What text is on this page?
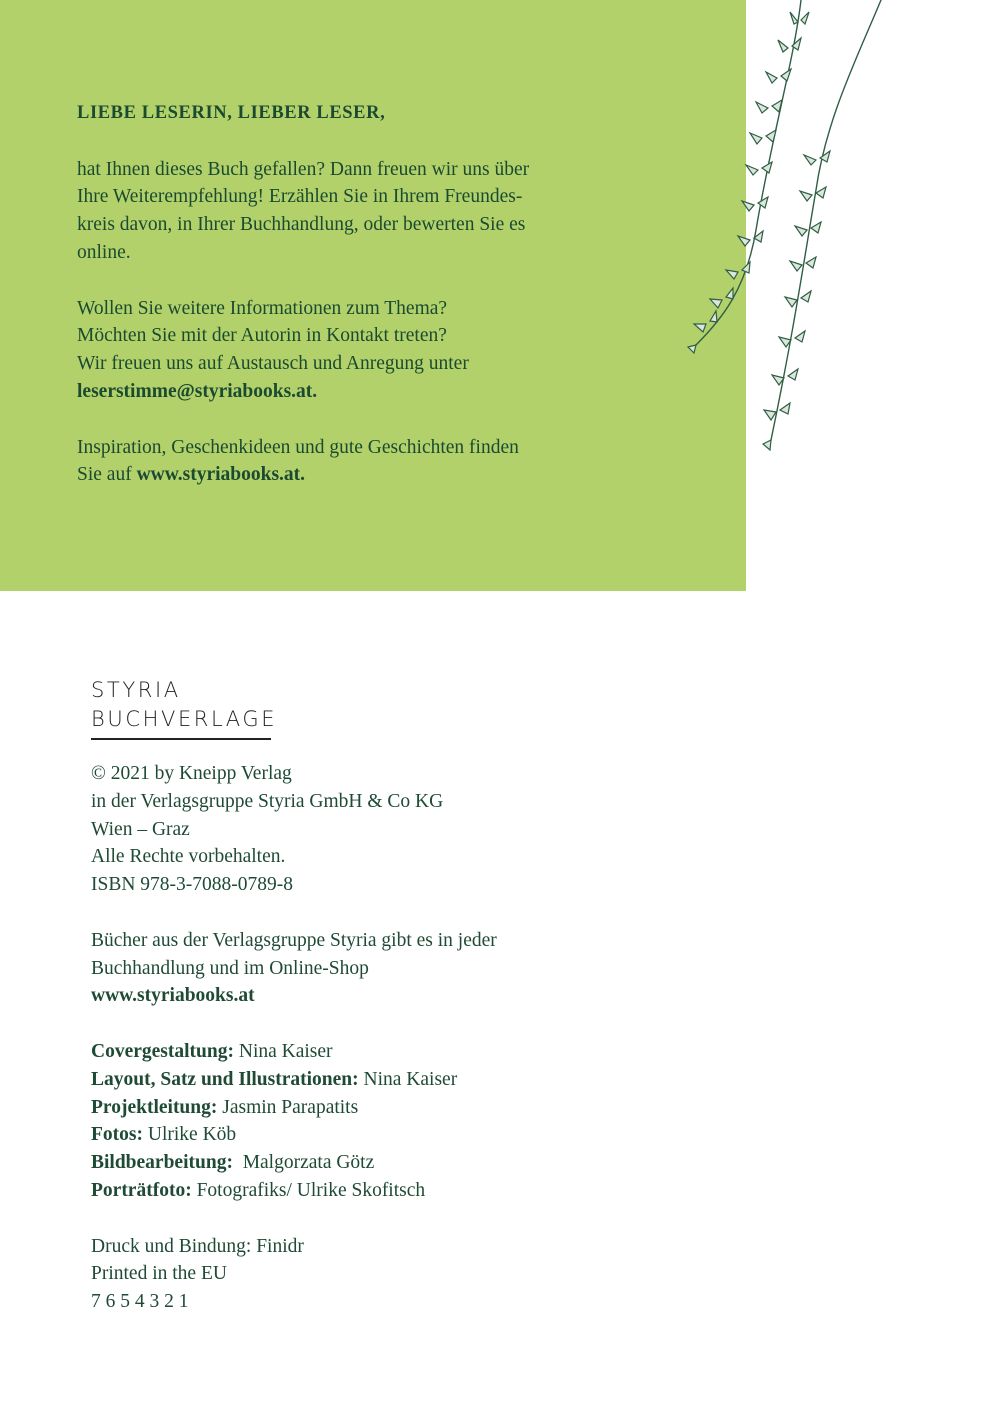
LIEBE LESERIN, LIEBER LESER,

hat Ihnen dieses Buch gefallen? Dann freuen wir uns über

Ihre Weiterempfehlung! Erzählen Sie in Ihrem Freundes-

kreis davon, in Ihrer Buchhandlung, oder bewerten Sie es

online.

Wollen Sie weitere Informationen zum Thema?

Möchten Sie mit der Autorin in Kontakt treten?

Wir freuen uns auf Austausch und Anregung unter

leserstimme@styriabooks.at.

Inspiration, Geschenkideen und gute Geschichten finden

Sie auf www.styriabooks.at.

STYRIA
BUCHVERLAGE

© 2021 by Kneipp Verlag

in der Verlagsgruppe Styria GmbH & Co KG

Wien – Graz

Alle Rechte vorbehalten.

ISBN 978-3-7088-0789-8

Bücher aus der Verlagsgruppe Styria gibt es in jeder

Buchhandlung und im Online-Shop

www.styriabooks.at

Covergestaltung: Nina Kaiser

Layout, Satz und Illustrationen: Nina Kaiser

Projektleitung: Jasmin Parapatits

Fotos: Ulrike Köb

Bildbearbeitung:  Malgorzata Götz

Porträtfoto: Fotografiks/ Ulrike Skofitsch

Druck und Bindung: Finidr

Printed in the EU

7 6 5 4 3 2 1
